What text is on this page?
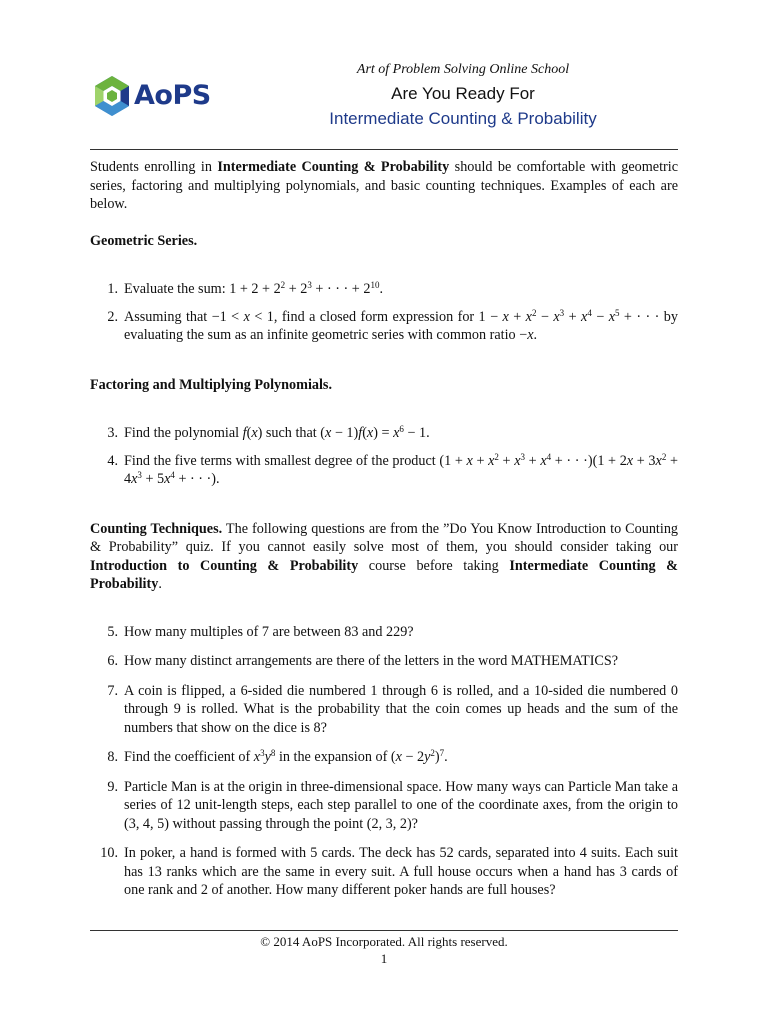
AoPS
Art of Problem Solving Online School
Are You Ready For
Intermediate Counting & Probability

Students enrolling in Intermediate Counting & Probability should be comfortable with geometric series, factoring and multiplying polynomials, and basic counting techniques. Examples of each are below.

Geometric Series.

1. Evaluate the sum: $1 + 2 + 2^2 + 2^3$ + · · · + $2^{10}$.
2. Assuming that −1 < x < 1, find a closed form expression for $1 - x + x^2 - x^3 + x^4 - x^5$ + · · · by evaluating the sum as an infinite geometric series with common ratio −x.

Factoring and Multiplying Polynomials.

3. Find the polynomial f(x) such that $(x - 1)f(x) = x^6 - 1$.
4. Find the five terms with smallest degree of the product ($1 + x + x^2 + x^3 + x^4$ + · · $\cdot)(1 + 2x + 3x^2 + 4x^3 + 5x^4$ + · · ·).

Counting Techniques. The following questions are from the ”Do You Know Introduction to Counting & Probability” quiz. If you cannot easily solve most of them, you should consider taking our Introduction to Counting & Probability course before taking Intermediate Counting & Probability.

5. How many multiples of 7 are between 83 and 229?
6. How many distinct arrangements are there of the letters in the word MATHEMATICS?
7. A coin is flipped, a 6-sided die numbered 1 through 6 is rolled, and a 10-sided die numbered 0 through 9 is rolled. What is the probability that the coin comes up heads and the sum of the numbers that show on the dice is 8?
8. Find the coefficient of $x^3y^8$ in the expansion of $(x - 2y^2)^7$.
9. Particle Man is at the origin in three-dimensional space. How many ways can Particle Man take a series of 12 unit-length steps, each step parallel to one of the coordinate axes, from the origin to (3, 4, 5) without passing through the point (2, 3, 2)?
10. In poker, a hand is formed with 5 cards. The deck has 52 cards, separated into 4 suits. Each suit has 13 ranks which are the same in every suit. A full house occurs when a hand has 3 cards of one rank and 2 of another. How many different poker hands are full houses?
© 2014 AoPS Incorporated. All rights reserved.
1
